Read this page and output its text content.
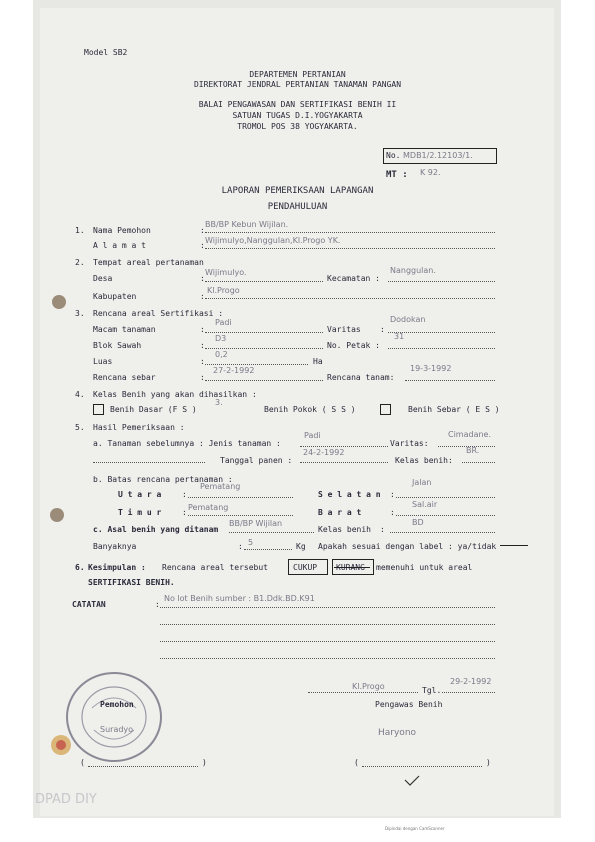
Model SB2
DEPARTEMEN PERTANIAN
DIREKTORAT JENDRAL PERTANIAN TANAMAN PANGAN
BALAI PENGAWASAN DAN SERTIFIKASI BENIH II
SATUAN TUGAS D.I.YOGYAKARTA
TROMOL POS 38 YOGYAKARTA.
No. MDB1/2.12103/1.
MT : K 92.
LAPORAN PEMERIKSAAN LAPANGAN
PENDAHULUAN
1. Nama Pemohon	:
BB/BP Kebun Wijilan.
A l a m a t	:
Wijimulyo,Nanggulan,Kl.Progo YK.
2. Tempat areal pertanaman
Desa	:
Wijimulyo.
Kecamatan :
Nanggulan.
Kabupaten	:
Kl.Progo
3. Rencana areal Sertifikasi :
Macam tanaman	:
Padi
Varitas :
Dodokan
Blok Sawah	:
D3
No. Petak :
31
Luas	:
0,2
Ha
Rencana sebar	:
27-2-1992
Rencana tanam:
19-3-1992
4. Kelas Benih yang akan dihasilkan :
Benih Dasar (F S )
3.
Benih Pokok ( S S )	Benih Sebar ( E S )
5. Hasil Pemeriksaan :
a. Tanaman sebelumnya : Jenis tanaman :
Padi
Varitas:
Cimadane.
Tanggal panen :
24-2-1992
Kelas benih:
BR.
b. Batas rencana pertanaman :
U t a r a	:
Pematang
S e l a t a n :
Jalan
T i m u r	:
Pematang
B a r a t	:
Sal.air
c. Asal benih yang ditanam
BB/BP Wijilan
Kelas benih :
BD
Banyaknya	: 5	Kg Apakah sesuai dengan label : ya/tidak
6. Kesimpulan : Rencana areal tersebut	CUKUP KURANG memenuhi untuk areal
SERTIFIKASI BENIH.
CATATAN	:
No lot Benih sumber : B1.Ddk.BD.K91
Kl.Progo	Tgl.
29-2-1992
Pemohon
Suradyo
(	)
Pengawas Benih
Haryono
(	)
DPAD DIY
Dipindai dengan CamScanner
